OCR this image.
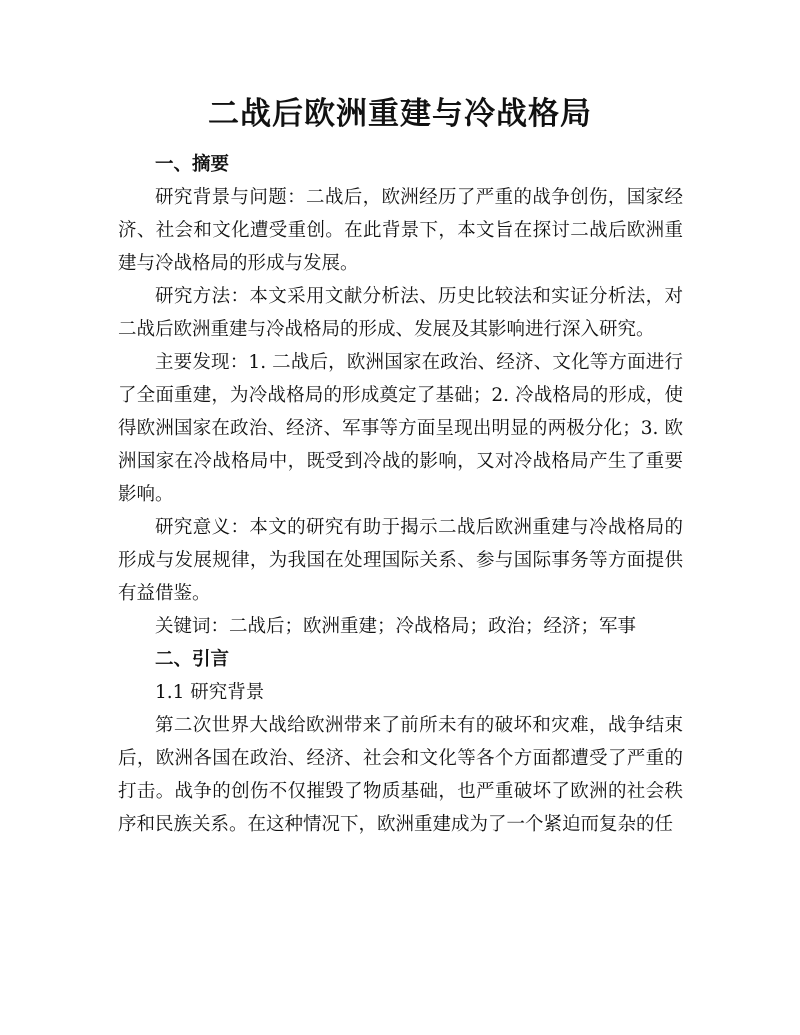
二战后欧洲重建与冷战格局
一、摘要

研究背景与问题：二战后，欧洲经历了严重的战争创伤，国家经济、社会和文化遭受重创。在此背景下，本文旨在探讨二战后欧洲重建与冷战格局的形成与发展。

研究方法：本文采用文献分析法、历史比较法和实证分析法，对二战后欧洲重建与冷战格局的形成、发展及其影响进行深入研究。

主要发现：1. 二战后，欧洲国家在政治、经济、文化等方面进行了全面重建，为冷战格局的形成奠定了基础；2. 冷战格局的形成，使得欧洲国家在政治、经济、军事等方面呈现出明显的两极分化；3. 欧洲国家在冷战格局中，既受到冷战的影响，又对冷战格局产生了重要影响。

研究意义：本文的研究有助于揭示二战后欧洲重建与冷战格局的形成与发展规律，为我国在处理国际关系、参与国际事务等方面提供有益借鉴。

关键词：二战后；欧洲重建；冷战格局；政治；经济；军事

二、引言

1.1 研究背景

第二次世界大战给欧洲带来了前所未有的破坏和灾难，战争结束后，欧洲各国在政治、经济、社会和文化等各个方面都遭受了严重的打击。战争的创伤不仅摧毁了物质基础，也严重破坏了欧洲的社会秩序和民族关系。在这种情况下，欧洲重建成为了一个紧迫而复杂的任
